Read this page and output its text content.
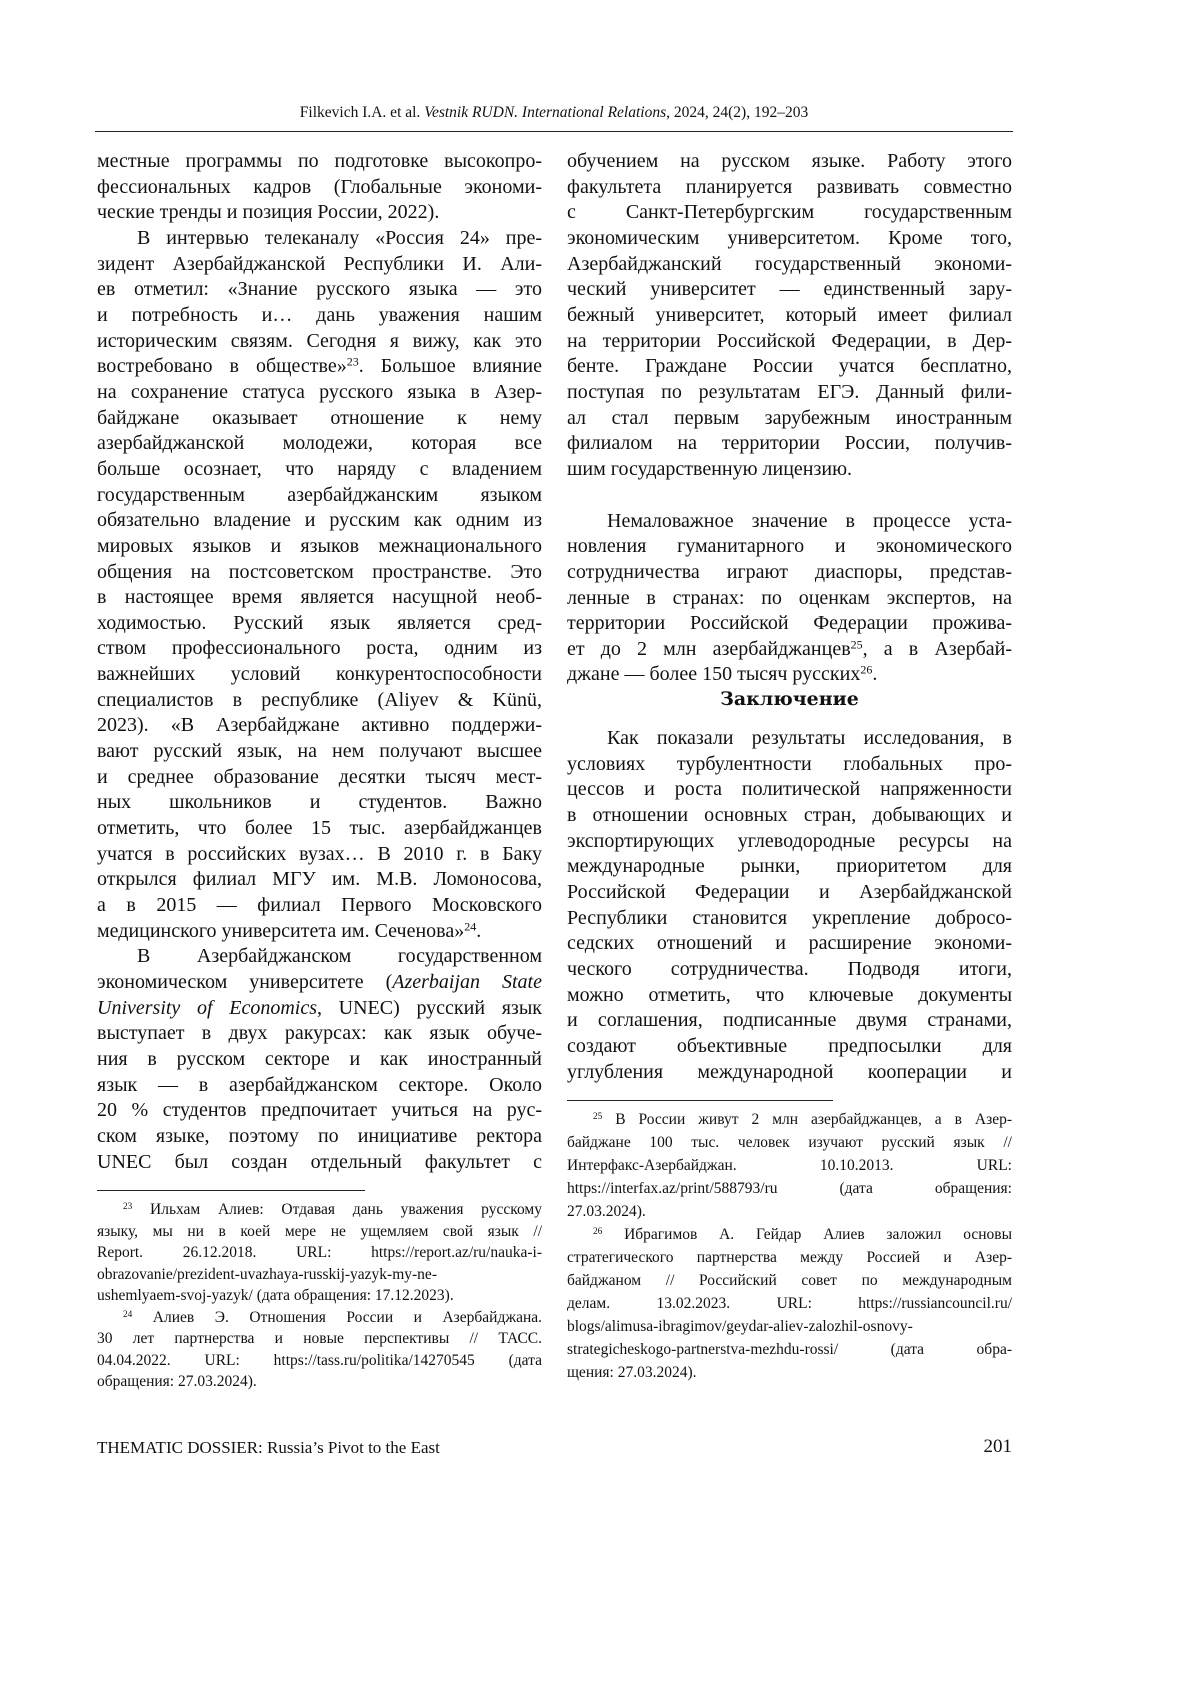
Filkevich I.A. et al. Vestnik RUDN. International Relations, 2024, 24(2), 192–203
местные программы по подготовке высокопро-
фессиональных кадров (Глобальные экономи-
ческие тренды и позиция России, 2022).
В интервью телеканалу «Россия 24» пре-
зидент Азербайджанской Республики И. Али-
ев отметил: «Знание русского языка — это
и потребность и… дань уважения нашим
историческим связям. Сегодня я вижу, как это
востребовано в обществе»23. Большое влияние
на сохранение статуса русского языка в Азер-
байджане оказывает отношение к нему
азербайджанской молодежи, которая все
больше осознает, что наряду с владением
государственным азербайджанским языком
обязательно владение и русским как одним из
мировых языков и языков межнационального
общения на постсоветском пространстве. Это
в настоящее время является насущной необ-
ходимостью. Русский язык является сред-
ством профессионального роста, одним из
важнейших условий конкурентоспособности
специалистов в республике (Aliyev & Künü,
2023). «В Азербайджане активно поддержи-
вают русский язык, на нем получают высшее
и среднее образование десятки тысяч мест-
ных школьников и студентов. Важно
отметить, что более 15 тыс. азербайджанцев
учатся в российских вузах… В 2010 г. в Баку
открылся филиал МГУ им. М.В. Ломоносова,
а в 2015 — филиал Первого Московского
медицинского университета им. Сеченова»24.
В Азербайджанском государственном
экономическом университете (Azerbaijan State
University of Economics, UNEC) русский язык
выступает в двух ракурсах: как язык обуче-
ния в русском секторе и как иностранный
язык — в азербайджанском секторе. Около
20 % студентов предпочитает учиться на рус-
ском языке, поэтому по инициативе ректора
UNEC был создан отдельный факультет с
обучением на русском языке. Работу этого
факультета планируется развивать совместно
с Санкт-Петербургским государственным
экономическим университетом. Кроме того,
Азербайджанский государственный экономи-
ческий университет — единственный зару-
бежный университет, который имеет филиал
на территории Российской Федерации, в Дер-
бенте. Граждане России учатся бесплатно,
поступая по результатам ЕГЭ. Данный фили-
ал стал первым зарубежным иностранным
филиалом на территории России, получив-
шим государственную лицензию.
Немаловажное значение в процессе уста-
новления гуманитарного и экономического
сотрудничества играют диаспоры, представ-
ленные в странах: по оценкам экспертов, на
территории Российской Федерации прожива-
ет до 2 млн азербайджанцев25, а в Азербай-
джане — более 150 тысяч русских26.
Заключение
Как показали результаты исследования, в
условиях турбулентности глобальных про-
цессов и роста политической напряженности
в отношении основных стран, добывающих и
экспортирующих углеводородные ресурсы на
международные рынки, приоритетом для
Российской Федерации и Азербайджанской
Республики становится укрепление добросо-
седских отношений и расширение экономи-
ческого сотрудничества. Подводя итоги,
можно отметить, что ключевые документы
и соглашения, подписанные двумя странами,
создают объективные предпосылки для
углубления международной кооперации и
23 Ильхам Алиев: Отдавая дань уважения русскому
языку, мы ни в коей мере не ущемляем свой язык //
Report. 26.12.2018. URL: https://report.az/ru/nauka-i-
obrazovanie/prezident-uvazhaya-russkij-yazyk-my-ne-
ushemlyaem-svoj-yazyk/ (дата обращения: 17.12.2023).
24 Алиев Э. Отношения России и Азербайджана.
30 лет партнерства и новые перспективы // ТАСС.
04.04.2022. URL: https://tass.ru/politika/14270545 (дата
обращения: 27.03.2024).
25 В России живут 2 млн азербайджанцев, а в Азер-
байджане 100 тыс. человек изучают русский язык //
Интерфакс-Азербайджан. 10.10.2013. URL:
https://interfax.az/print/588793/ru (дата обращения:
27.03.2024).
26 Ибрагимов А. Гейдар Алиев заложил основы
стратегического партнерства между Россией и Азер-
байджаном // Российский совет по международным
делам. 13.02.2023. URL: https://russiancouncil.ru/
blogs/alimusa-ibragimov/geydar-aliev-zalozhil-osnovy-
strategicheskogo-partnerstva-mezhdu-rossi/ (дата обра-
щения: 27.03.2024).
THEMATIC DOSSIER: Russia’s Pivot to the East	201
